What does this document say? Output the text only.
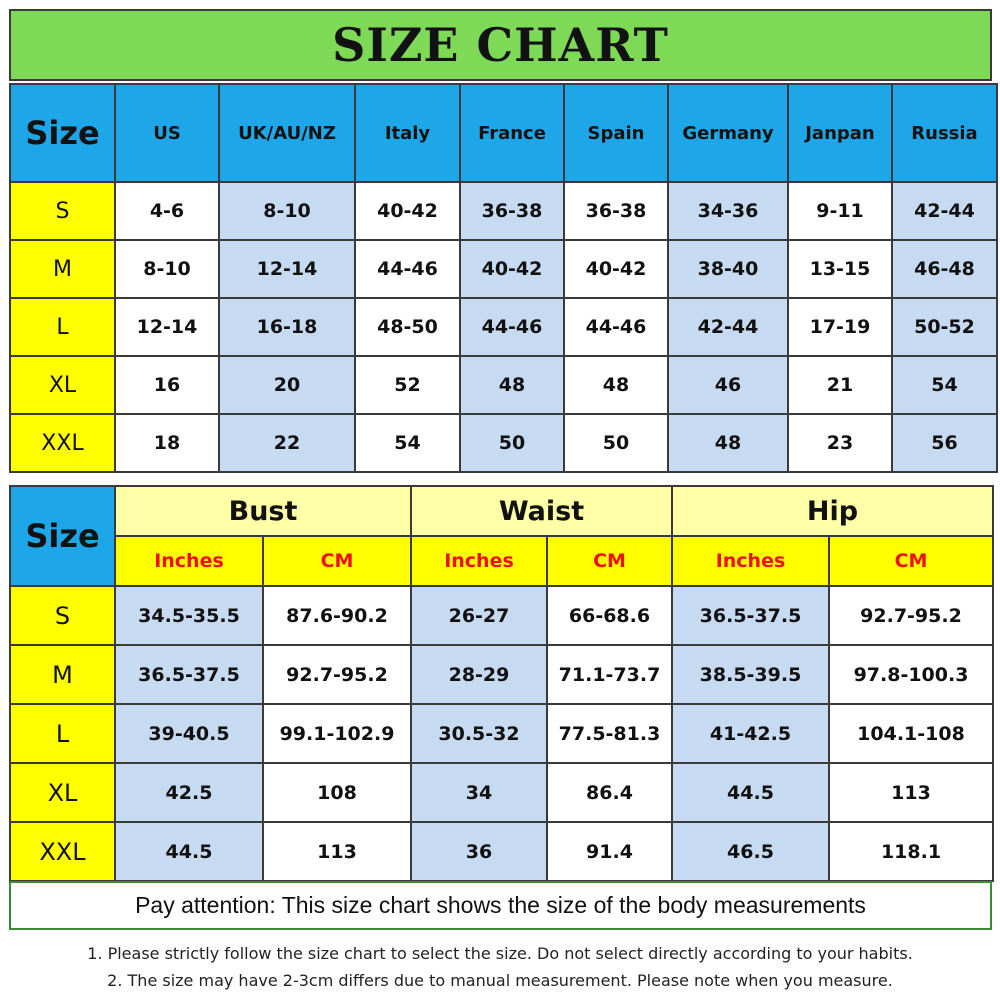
SIZE CHART
Size	US	UK/AU/NZ	Italy	France	Spain	Germany	Janpan	Russia
S	4-6	8-10	40-42	36-38	36-38	34-36	9-11	42-44
M	8-10	12-14	44-46	40-42	40-42	38-40	13-15	46-48
L	12-14	16-18	48-50	44-46	44-46	42-44	17-19	50-52
XL	16	20	52	48	48	46	21	54
XXL	18	22	54	50	50	48	23	56
Size	Bust		Waist		Hip	
	Inches	CM	Inches	CM	Inches	CM
S	34.5-35.5	87.6-90.2	26-27	66-68.6	36.5-37.5	92.7-95.2
M	36.5-37.5	92.7-95.2	28-29	71.1-73.7	38.5-39.5	97.8-100.3
L	39-40.5	99.1-102.9	30.5-32	77.5-81.3	41-42.5	104.1-108
XL	42.5	108	34	86.4	44.5	113
XXL	44.5	113	36	91.4	46.5	118.1
Pay attention: This size chart shows the size of the body measurements
1. Please strictly follow the size chart to select the size. Do not select directly according to your habits.
2. The size may have 2-3cm differs due to manual measurement. Please note when you measure.
